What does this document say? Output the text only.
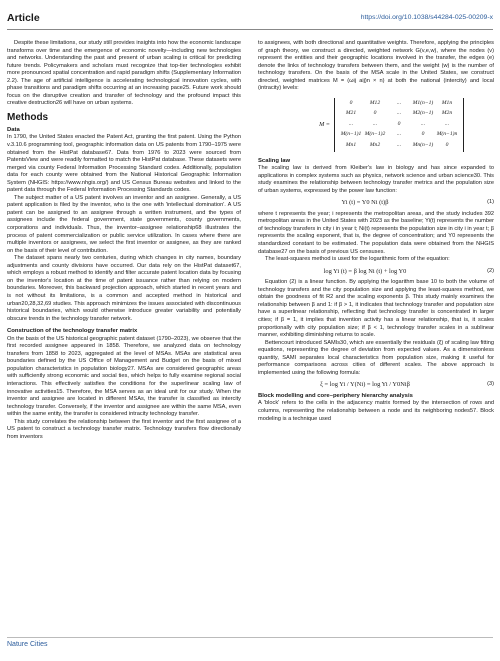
Article	https://doi.org/10.1038/s44284-025-00209-x

Despite these limitations, our study still provides insights into how the economic landscape transforms over time and the emergence of economic novelty—including new technologies and networks. Understanding the past and present of urban scaling is critical for predicting future trends. Policymakers and scholars must recognize that top-tier technologies exhibit more pronounced spatial concentration and rapid paradigm shifts (Supplementary Information 2.2). The age of artificial intelligence is accelerating technological innovation cycles, with phase transitions and paradigm shifts occurring at an increasing pace25. Future work should focus on the disruptive creation and transfer of technology and the profound impact this creative destruction26 will have on urban systems.

Methods
Data

In 1790, the United States enacted the Patent Act, granting the first patent. Using the Python v.3.10.6 programming tool, geographic information data on US patents from 1790–1975 were obtained from the HistPat database67. Data from 1976 to 2023 were sourced from PatentsView and were readily formatted to match the HistPat database. These datasets were merged via county Federal Information Processing Standard codes. Additionally, population data for each county were obtained from the National Historical Geographic Information System (NHGIS: https://www.nhgis.org/) and US Census Bureau websites and linked to the patent data through the Federal Information Processing Standards codes.

The subject matter of a US patent involves an inventor and an assignee. Generally, a US patent application is filed by the inventor, who is the one with 'intellectual domination'. A US patent can be assigned to an assignee through a written instrument, and the types of assignees include the federal government, state governments, county governments, corporations and individuals. Thus, the inventor–assignee relationship68 illustrates the process of patent commercialization or public service utilization. In cases where there are multiple inventors or assignees, we select the first inventor or assignee, as they are ranked on the basis of their level of contribution.

The dataset spans nearly two centuries, during which changes in city names, boundary adjustments and county divisions have occurred. Our data rely on the HistPat dataset67, which employs a robust method to identify and filter accurate patent location data by focusing on the inventor's location at the time of patent issuance rather than relying on modern boundaries. Moreover, this backward projection approach, which started in recent years and is not without its limitations, is a common and accepted method in historical and urban20,28,32,69 studies. This approach minimizes the issues associated with discontinuous historical boundaries, which would otherwise introduce greater variability and potentially obscure trends in the technology transfer network.

Construction of the technology transfer matrix

On the basis of the US historical geographic patent dataset (1790–2023), we observe that the first recorded assignee appeared in 1858. Therefore, we analyzed data on technology transfers from 1858 to 2023, aggregated at the level of MSAs. MSAs are statistical area boundaries defined by the US Office of Management and Budget on the basis of mixed population characteristics in population biology27. MSAs are considered geographic areas with sufficiently strong economic and social ties, which helps to fully examine regional social interactions. This effectively satisfies the conditions for the superlinear scaling law of innovative activities15. Therefore, the MSA serves as an ideal unit for our study. When the inventor and assignee are located in different MSAs, the transfer is classified as intercity technology transfer. Conversely, if the inventor and assignee are within the same MSA, even within the same entity, the transfer is considered intracity technology transfer.

This study correlates the relationship between the first inventor and the first assignee of a US patent to construct a technology transfer matrix. Technology transfers flow directionally from inventors

to assignees, with both directional and quantitative weights. Therefore, applying the principles of graph theory, we construct a directed, weighted network G(v,e,w), where the nodes (v) represent the entities and their geographic locations involved in the transfer, the edges (e) denote the links of technology transfers between them, and the weight (w) is the number of technology transfers. On the basis of the MSA scale in the United States, we construct directed, weighted matrices M = (ωij aij)n × n) at both the national (intercity) and local (intracity) levels:

M =
0	M12	...	M1(n−1)	M1n
M21	0	...	M2(n−1)	M2n
...	...	0	...	...
M(n−1)1 M(n−1)2	...	0	M(n−1)n
Mn1	Mn2	...	Mn(n−1)	0
Scaling law

The scaling law is derived from Kleiber's law in biology and has since expanded to applications in complex systems such as physics, network science and urban science30. This study examines the relationship between technology transfer metrics and the population size of urban systems, expressed by the power law function:

Yi (t) = Y0 Ni (t)β	(1)

where t represents the year; i represents the metropolitan areas, and the study includes 392 metropolitan areas in the United States with 2023 as the baseline; Yi(t) represents the number of technology transfers in city i in year t; Ni(t) represents the population size in city i in year t; β represents the scaling exponent, that is, the degree of concentration; and Y0 represents the standardized constant to be estimated. The population data were obtained from the NHGIS database27 on the basis of previous US censuses.

The least-squares method is used for the logarithmic form of the equation:

log Yi (t) = β log Ni (t) + log Y0	(2)

Equation (2) is a linear function. By applying the logarithm base 10 to both the volume of technology transfers and the city population size and applying the least-squares method, we obtain the goodness of fit R2 and the scaling exponents β. This study mainly examines the relationship between β and 1: if β > 1, it indicates that technology transfer and population size have a superlinear relationship, reflecting that technology transfer is concentrated in larger cities; if β = 1, it implies that invention activity has a linear relationship, that is, it scales proportionally with city population size; if β < 1, technology transfer scales in a sublinear manner, exhibiting diminishing returns to scale.

Bettencourt introduced SAMIs30, which are essentially the residuals (ξ) of scaling law fitting equations, representing the degree of deviation from expected values. As a dimensionless quantity, SAMI separates local characteristics from population size, making it useful for performance comparisons across cities of different scales. The above approach is implemented using the following formula:

ξ = log Yi / Y(Ni) = log Yi / Y0Niβ	(3)
Block modelling and core–periphery hierarchy analysis

A 'block' refers to the cells in the adjacency matrix formed by the intersection of rows and columns, representing the relationship between a node and its neighboring nodes57. Block modeling is a technique used

Nature Cities
